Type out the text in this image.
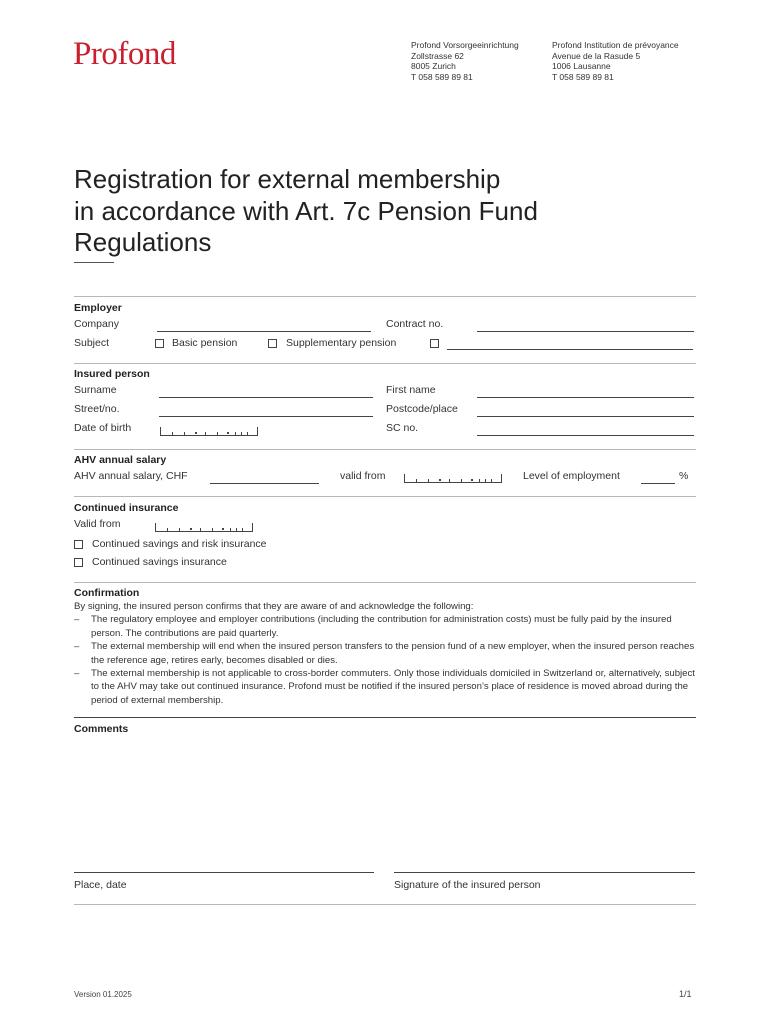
Profond	Profond Vorsorgeeinrichtung
Zollstrasse 62
8005 Zurich
T 058 589 89 81
Profond Institution de prévoyance
Avenue de la Rasude 5
1006 Lausanne
T 058 589 89 81
Registration for external membership
in accordance with Art. 7c Pension Fund
Regulations
Employer
Company	Contract no.
Subject	Basic pension	Supplementary pension
Insured person
Surname	First name
Street/no.	Postcode/place
Date of birth	SC no.
AHV annual salary
AHV annual salary, CHF	valid from	Level of employment	%
Continued insurance
Valid from
Continued savings and risk insurance
Continued savings insurance
Confirmation
By signing, the insured person confirms that they are aware of and acknowledge the following:
– The regulatory employee and employer contributions (including the contribution for administration costs) must be fully paid by the insured person. The contributions are paid quarterly.
– The external membership will end when the insured person transfers to the pension fund of a new employer, when the insured person reaches the reference age, retires early, becomes disabled or dies.
– The external membership is not applicable to cross-border commuters. Only those individuals domiciled in Switzerland or, alternatively, subject to the AHV may take out continued insurance. Profond must be notified if the insured person’s place of residence is moved abroad during the period of external membership.
Comments
Place, date	Signature of the insured person
Version 01.2025	1/1
